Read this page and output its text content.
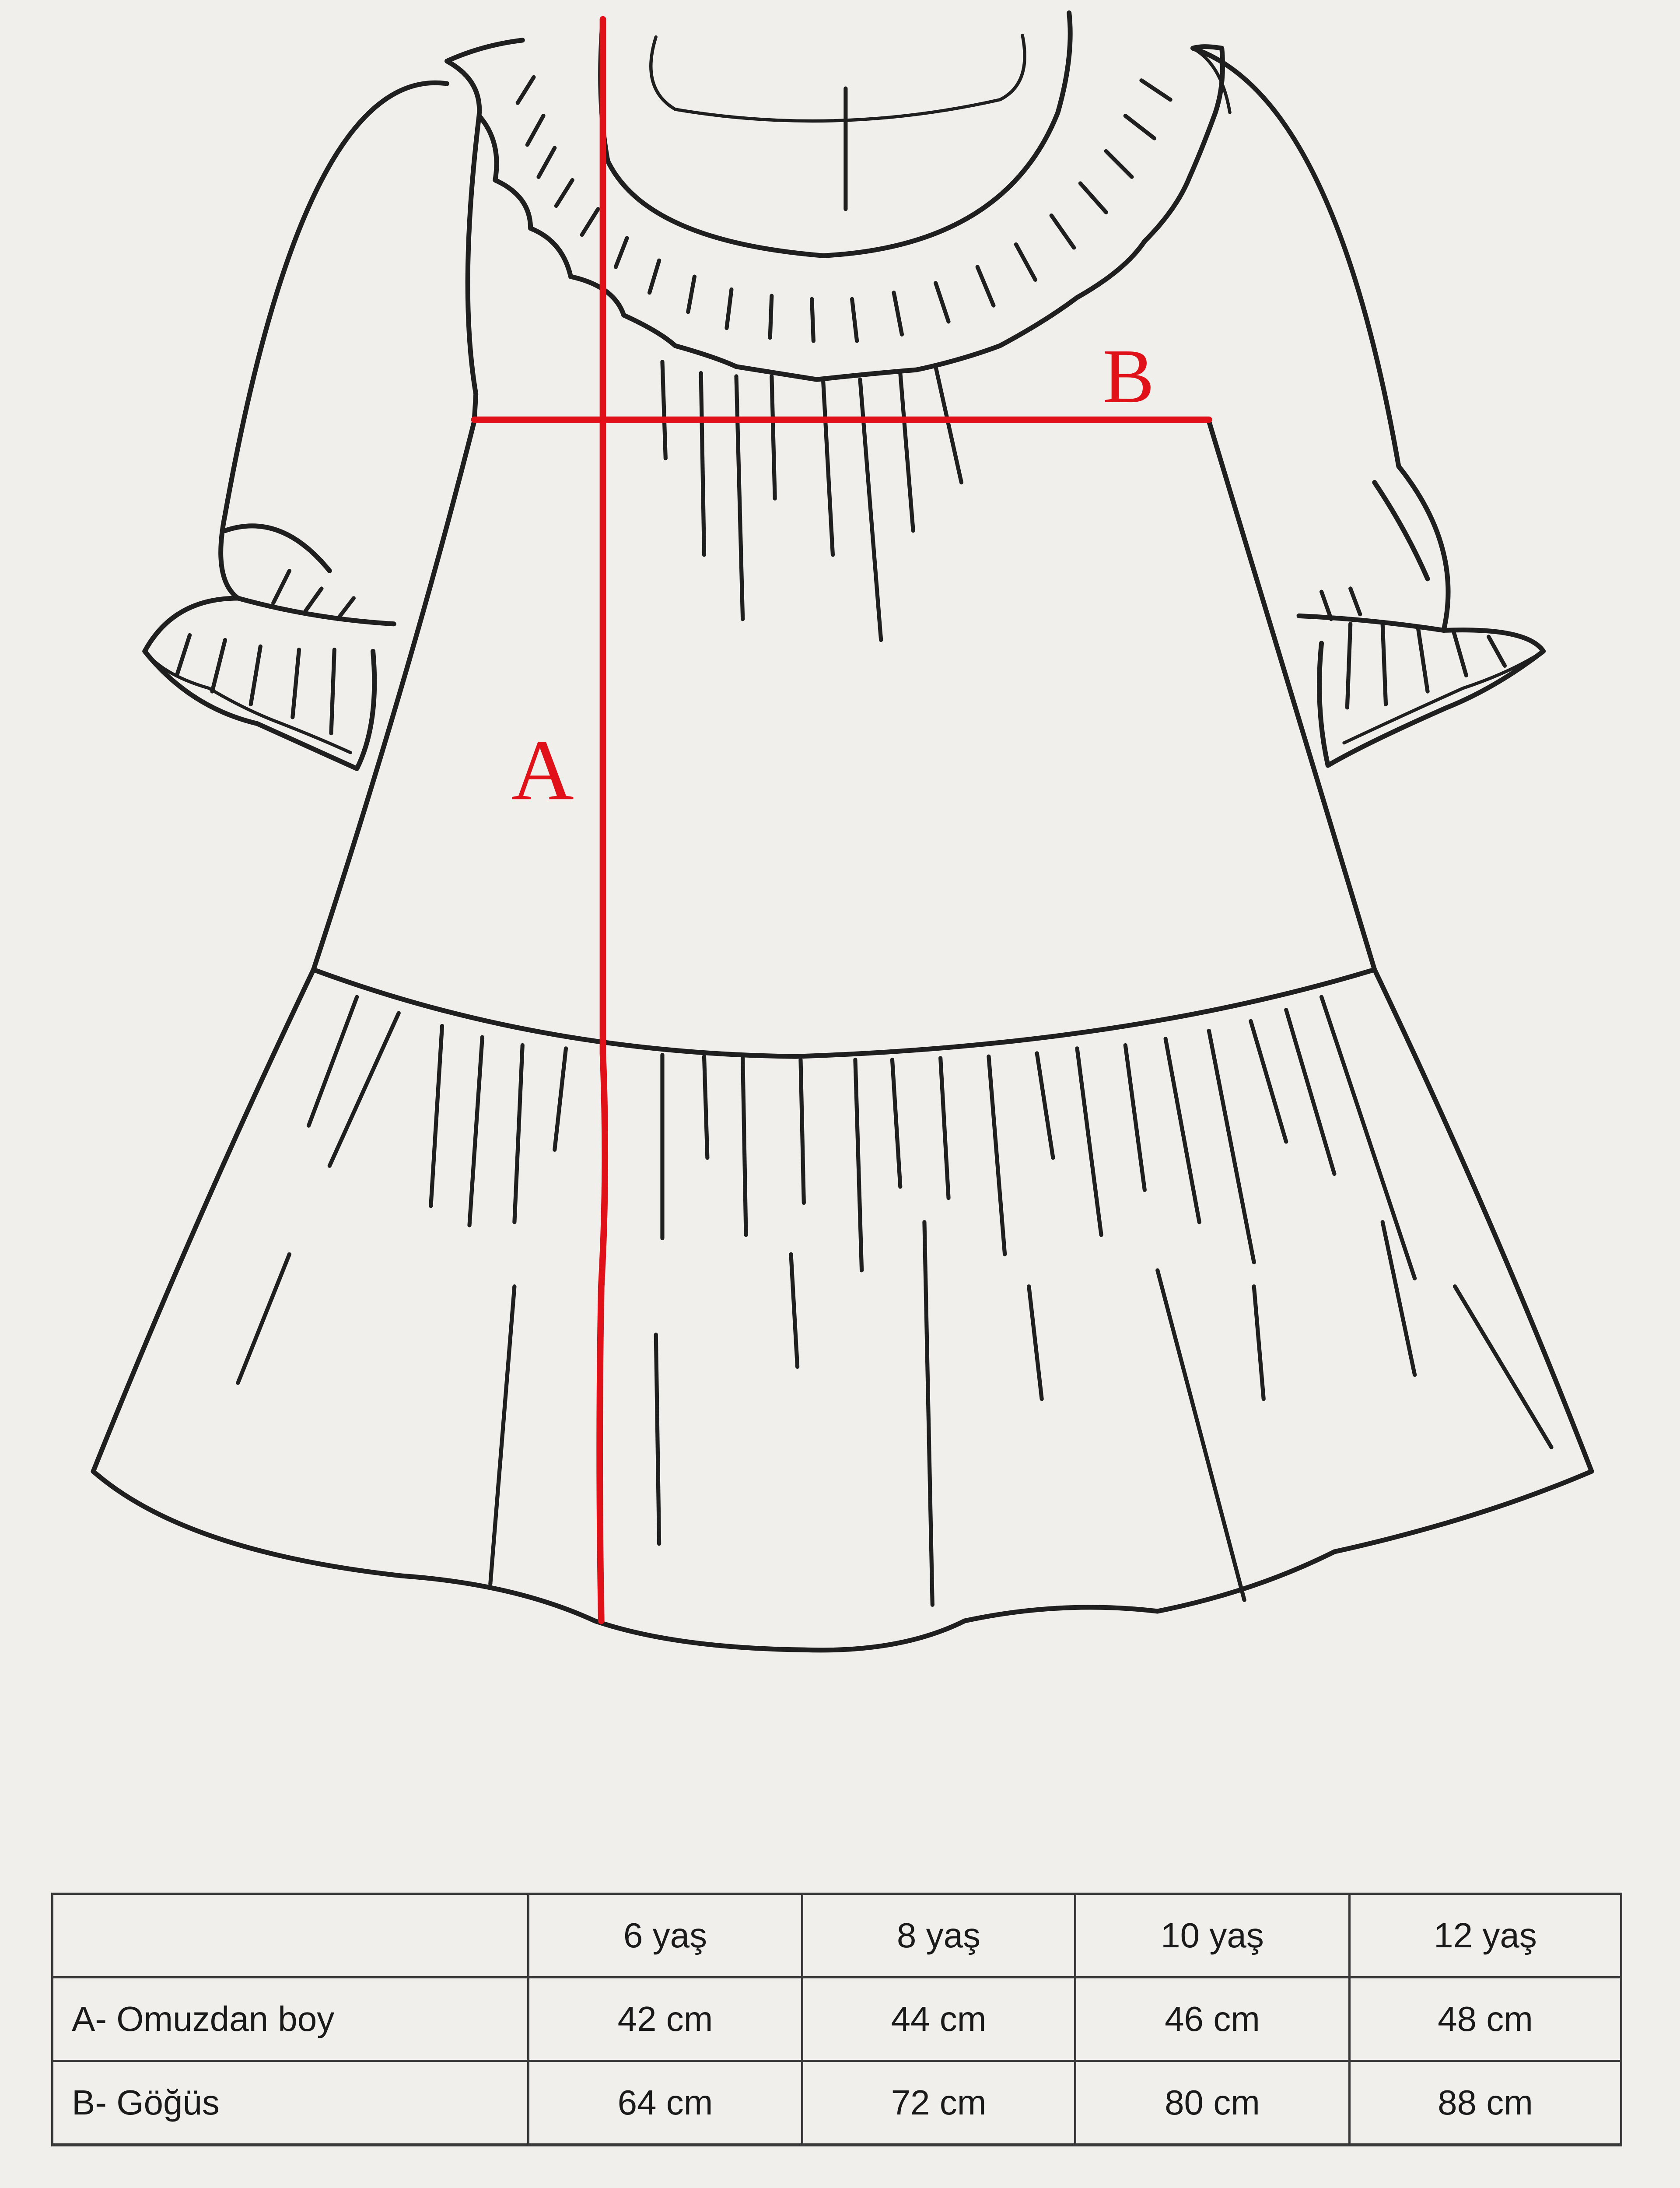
A
B
	6 yaş	8 yaş	10 yaş	12 yaş
A- Omuzdan boy	42 cm	44 cm	46 cm	48 cm
B- Göğüs	64 cm	72 cm	80 cm	88 cm
